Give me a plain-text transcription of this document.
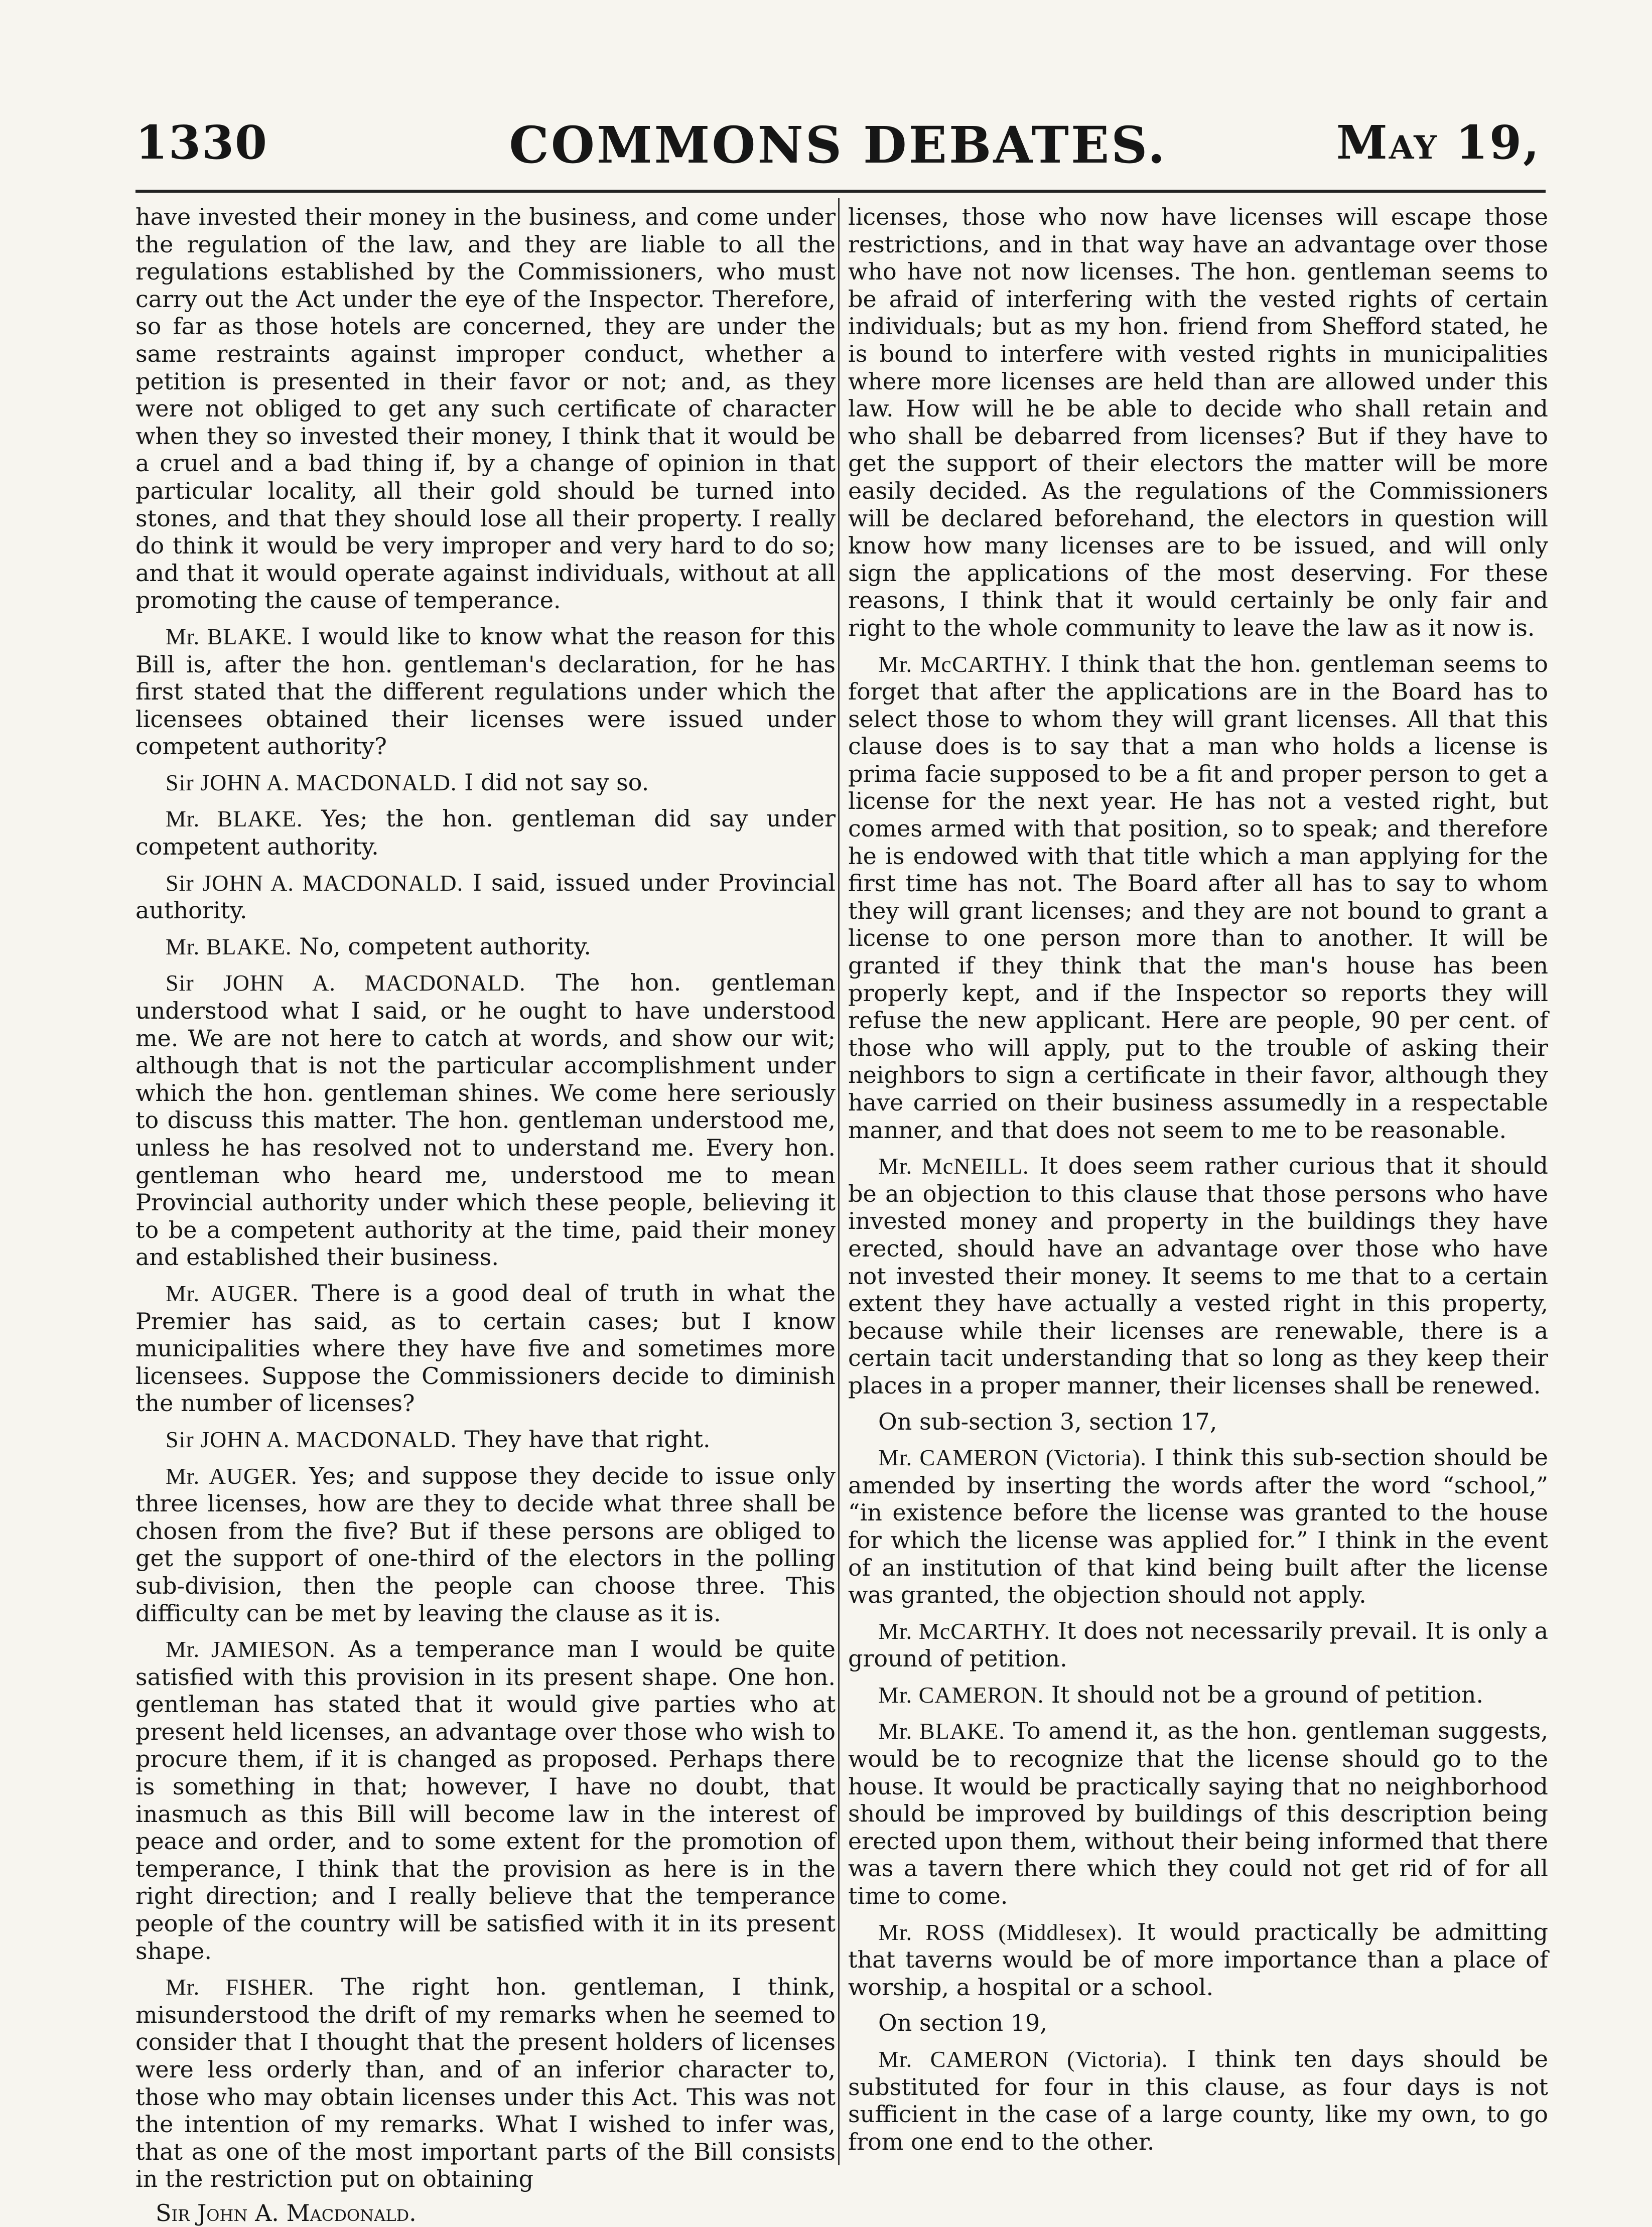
COMMONS DEBATES.
1330	May 19,

have invested their money in the business, and come under the regulation of the law, and they are liable to all the regulations established by the Commissioners, who must carry out the Act under the eye of the Inspector. Therefore, so far as those hotels are concerned, they are under the same restraints against improper conduct, whether a petition is presented in their favor or not; and, as they were not obliged to get any such certificate of character when they so invested their money, I think that it would be a cruel and a bad thing if, by a change of opinion in that particular locality, all their gold should be turned into stones, and that they should lose all their property. I really do think it would be very improper and very hard to do so; and that it would operate against individuals, without at all promoting the cause of temperance.

Mr. BLAKE. I would like to know what the reason for this Bill is, after the hon. gentleman's declaration, for he has first stated that the different regulations under which the licensees obtained their licenses were issued under competent authority?

Sir JOHN A. MACDONALD. I did not say so.

Mr. BLAKE. Yes; the hon. gentleman did say under competent authority.

Sir JOHN A. MACDONALD. I said, issued under Provincial authority.

Mr. BLAKE. No, competent authority.

Sir JOHN A. MACDONALD. The hon. gentleman understood what I said, or he ought to have understood me. We are not here to catch at words, and show our wit; although that is not the particular accomplishment under which the hon. gentleman shines. We come here seriously to discuss this matter. The hon. gentleman understood me, unless he has resolved not to understand me. Every hon. gentleman who heard me, understood me to mean Provincial authority under which these people, believing it to be a competent authority at the time, paid their money and established their business.

Mr. AUGER. There is a good deal of truth in what the Premier has said, as to certain cases; but I know municipalities where they have five and sometimes more licensees. Suppose the Commissioners decide to diminish the number of licenses?

Sir JOHN A. MACDONALD. They have that right.

Mr. AUGER. Yes; and suppose they decide to issue only three licenses, how are they to decide what three shall be chosen from the five? But if these persons are obliged to get the support of one-third of the electors in the polling sub-division, then the people can choose three. This difficulty can be met by leaving the clause as it is.

Mr. JAMIESON. As a temperance man I would be quite satisfied with this provision in its present shape. One hon. gentleman has stated that it would give parties who at present held licenses, an advantage over those who wish to procure them, if it is changed as proposed. Perhaps there is something in that; however, I have no doubt, that inasmuch as this Bill will become law in the interest of peace and order, and to some extent for the promotion of temperance, I think that the provision as here is in the right direction; and I really believe that the temperance people of the country will be satisfied with it in its present shape.

Mr. FISHER. The right hon. gentleman, I think, misunderstood the drift of my remarks when he seemed to consider that I thought that the present holders of licenses were less orderly than, and of an inferior character to, those who may obtain licenses under this Act. This was not the intention of my remarks. What I wished to infer was, that as one of the most important parts of the Bill consists in the restriction put on obtaining

Sir John A. Macdonald.

licenses, those who now have licenses will escape those restrictions, and in that way have an advantage over those who have not now licenses. The hon. gentleman seems to be afraid of interfering with the vested rights of certain individuals; but as my hon. friend from Shefford stated, he is bound to interfere with vested rights in municipalities where more licenses are held than are allowed under this law. How will he be able to decide who shall retain and who shall be debarred from licenses? But if they have to get the support of their electors the matter will be more easily decided. As the regulations of the Commissioners will be declared beforehand, the electors in question will know how many licenses are to be issued, and will only sign the applications of the most deserving. For these reasons, I think that it would certainly be only fair and right to the whole community to leave the law as it now is.

Mr. McCARTHY. I think that the hon. gentleman seems to forget that after the applications are in the Board has to select those to whom they will grant licenses. All that this clause does is to say that a man who holds a license is prima facie supposed to be a fit and proper person to get a license for the next year. He has not a vested right, but comes armed with that position, so to speak; and therefore he is endowed with that title which a man applying for the first time has not. The Board after all has to say to whom they will grant licenses; and they are not bound to grant a license to one person more than to another. It will be granted if they think that the man's house has been properly kept, and if the Inspector so reports they will refuse the new applicant. Here are people, 90 per cent. of those who will apply, put to the trouble of asking their neighbors to sign a certificate in their favor, although they have carried on their business assumedly in a respectable manner, and that does not seem to me to be reasonable.

Mr. McNEILL. It does seem rather curious that it should be an objection to this clause that those persons who have invested money and property in the buildings they have erected, should have an advantage over those who have not invested their money. It seems to me that to a certain extent they have actually a vested right in this property, because while their licenses are renewable, there is a certain tacit understanding that so long as they keep their places in a proper manner, their licenses shall be renewed.

On sub-section 3, section 17,

Mr. CAMERON (Victoria). I think this sub-section should be amended by inserting the words after the word “school,” “in existence before the license was granted to the house for which the license was applied for.” I think in the event of an institution of that kind being built after the license was granted, the objection should not apply.

Mr. McCARTHY. It does not necessarily prevail. It is only a ground of petition.

Mr. CAMERON. It should not be a ground of petition.

Mr. BLAKE. To amend it, as the hon. gentleman suggests, would be to recognize that the license should go to the house. It would be practically saying that no neighborhood should be improved by buildings of this description being erected upon them, without their being informed that there was a tavern there which they could not get rid of for all time to come.

Mr. ROSS (Middlesex). It would practically be admitting that taverns would be of more importance than a place of worship, a hospital or a school.

On section 19,

Mr. CAMERON (Victoria). I think ten days should be substituted for four in this clause, as four days is not sufficient in the case of a large county, like my own, to go from one end to the other.
